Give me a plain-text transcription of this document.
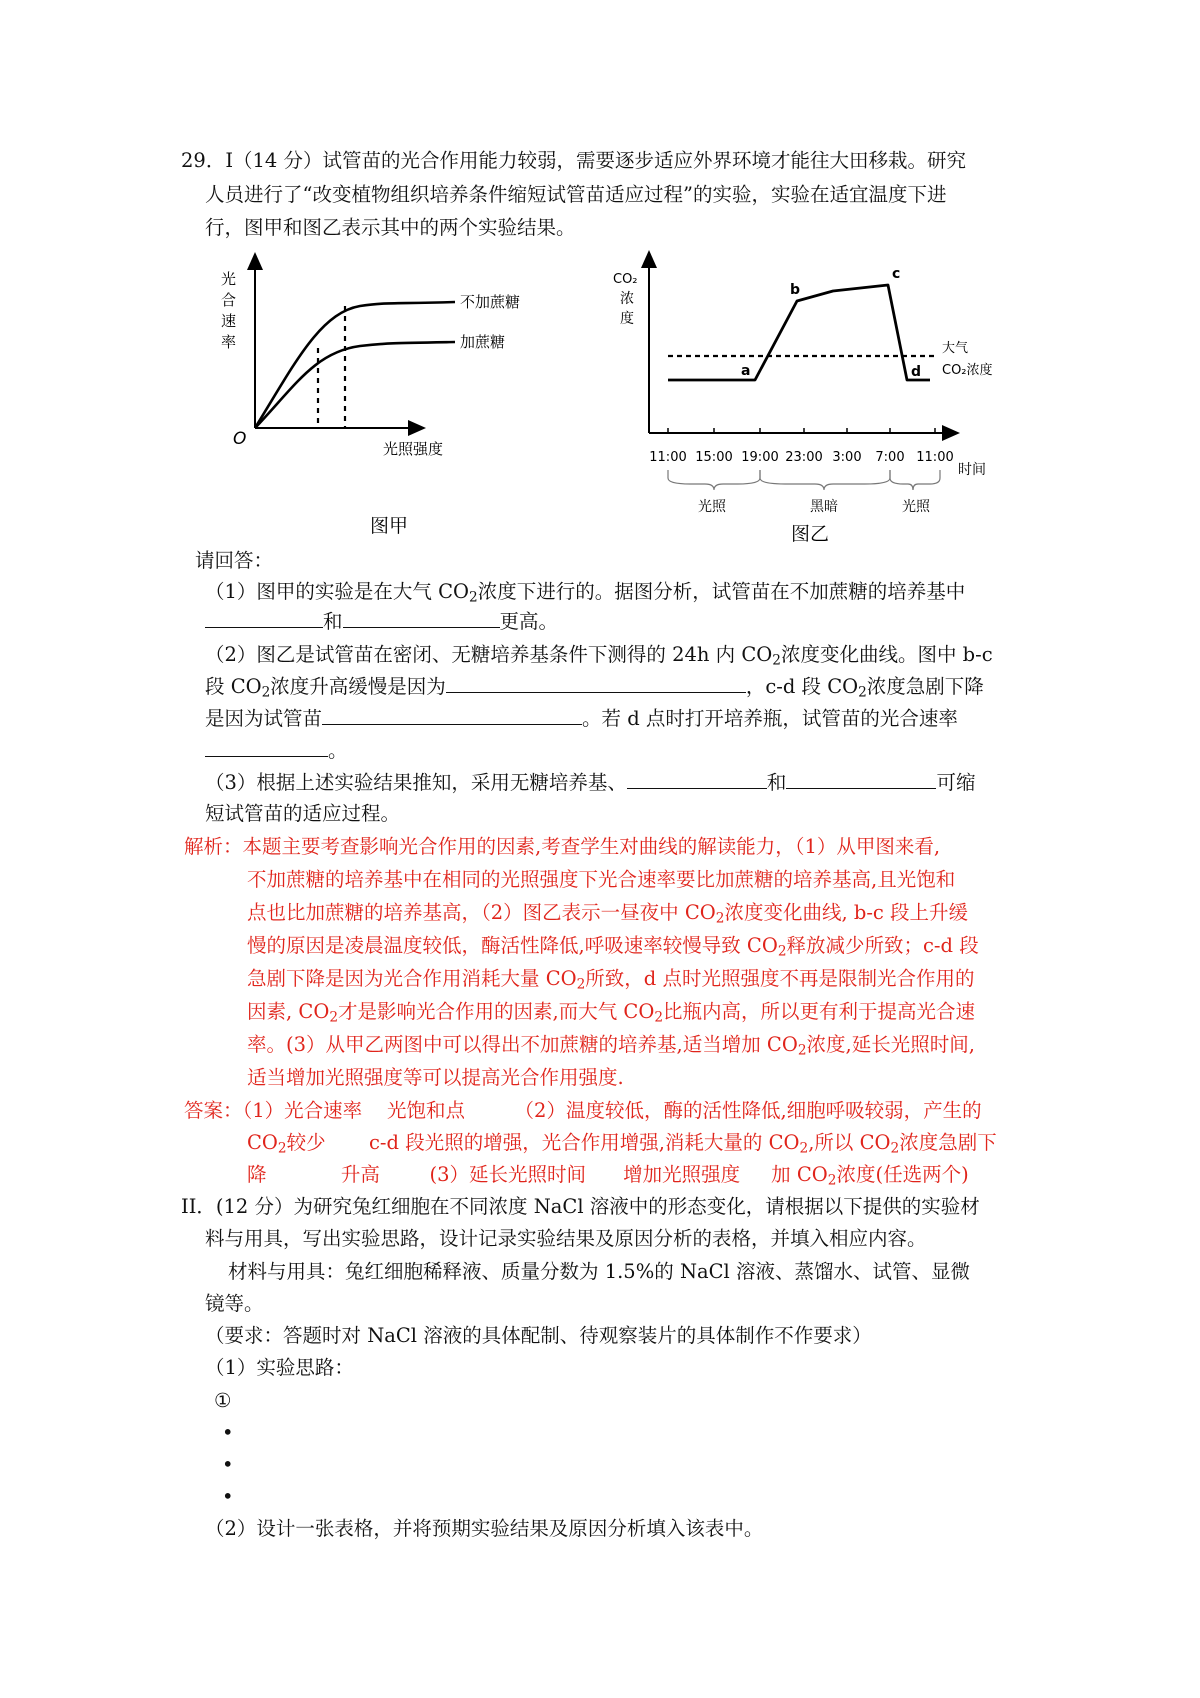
29．I（14 分）试管苗的光合作用能力较弱，需要逐步适应外界环境才能往大田移栽。研究
人员进行了“改变植物组织培养条件缩短试管苗适应过程”的实验，实验在适宜温度下进
行，图甲和图乙表示其中的两个实验结果。
光
合
速
率
O	光照强度
不加蔗糖
加蔗糖
图甲
CO₂
浓
度
11:00 15:00 19:00 23:00 3:00 7:00 11:00
时间
大气
CO₂浓度
a
b
c
d
光照	黑暗	光照
图乙
请回答：
（1）图甲的实验是在大气 $CO_2$浓度下进行的。据图分析，试管苗在不加蔗糖的培养基中
和	更高。
（2）图乙是试管苗在密闭、无糖培养基条件下测得的 24h 内 $CO_2$浓度变化曲线。图中 b-c
段 $CO_2$浓度升高缓慢是因为	，c-d 段 $CO_2$浓度急剧下降
是因为试管苗	。若 d 点时打开培养瓶，试管苗的光合速率
。
（3）根据上述实验结果推知，采用无糖培养基、	和	可缩
短试管苗的适应过程。
解析：本题主要考查影响光合作用的因素,考查学生对曲线的解读能力，（1）从甲图来看,
不加蔗糖的培养基中在相同的光照强度下光合速率要比加蔗糖的培养基高,且光饱和
点也比加蔗糖的培养基高，（2）图乙表示一昼夜中 $CO_2$浓度变化曲线, b-c 段上升缓
慢的原因是凌晨温度较低，酶活性降低,呼吸速率较慢导致 $CO_2$释放减少所致；c-d 段
急剧下降是因为光合作用消耗大量 $CO_2$所致，d 点时光照强度不再是限制光合作用的
因素, $CO_2$才是影响光合作用的因素,而大气 $CO_2$比瓶内高，所以更有利于提高光合速
率。(3）从甲乙两图中可以得出不加蔗糖的培养基,适当增加 $CO_2$浓度,延长光照时间,
适当增加光照强度等可以提高光合作用强度.
答案：（1）光合速率    光饱和点        （2）温度较低，酶的活性降低,细胞呼吸较弱，产生的
$CO_2$较少       c-d 段光照的增强，光合作用增强,消耗大量的 $CO_2$,所以 $CO_2$浓度急剧下
降            升高        (3）延长光照时间      增加光照强度     加 $CO_2$浓度(任选两个)
II．(12 分）为研究兔红细胞在不同浓度 NaCl 溶液中的形态变化，请根据以下提供的实验材
料与用具，写出实验思路，设计记录实验结果及原因分析的表格，并填入相应内容。
材料与用具：兔红细胞稀释液、质量分数为 1.5%的 NaCl 溶液、蒸馏水、试管、显微
镜等。
（要求：答题时对 NaCl 溶液的具体配制、待观察装片的具体制作不作要求）
（1）实验思路：
①
•
•
•
（2）设计一张表格，并将预期实验结果及原因分析填入该表中。
